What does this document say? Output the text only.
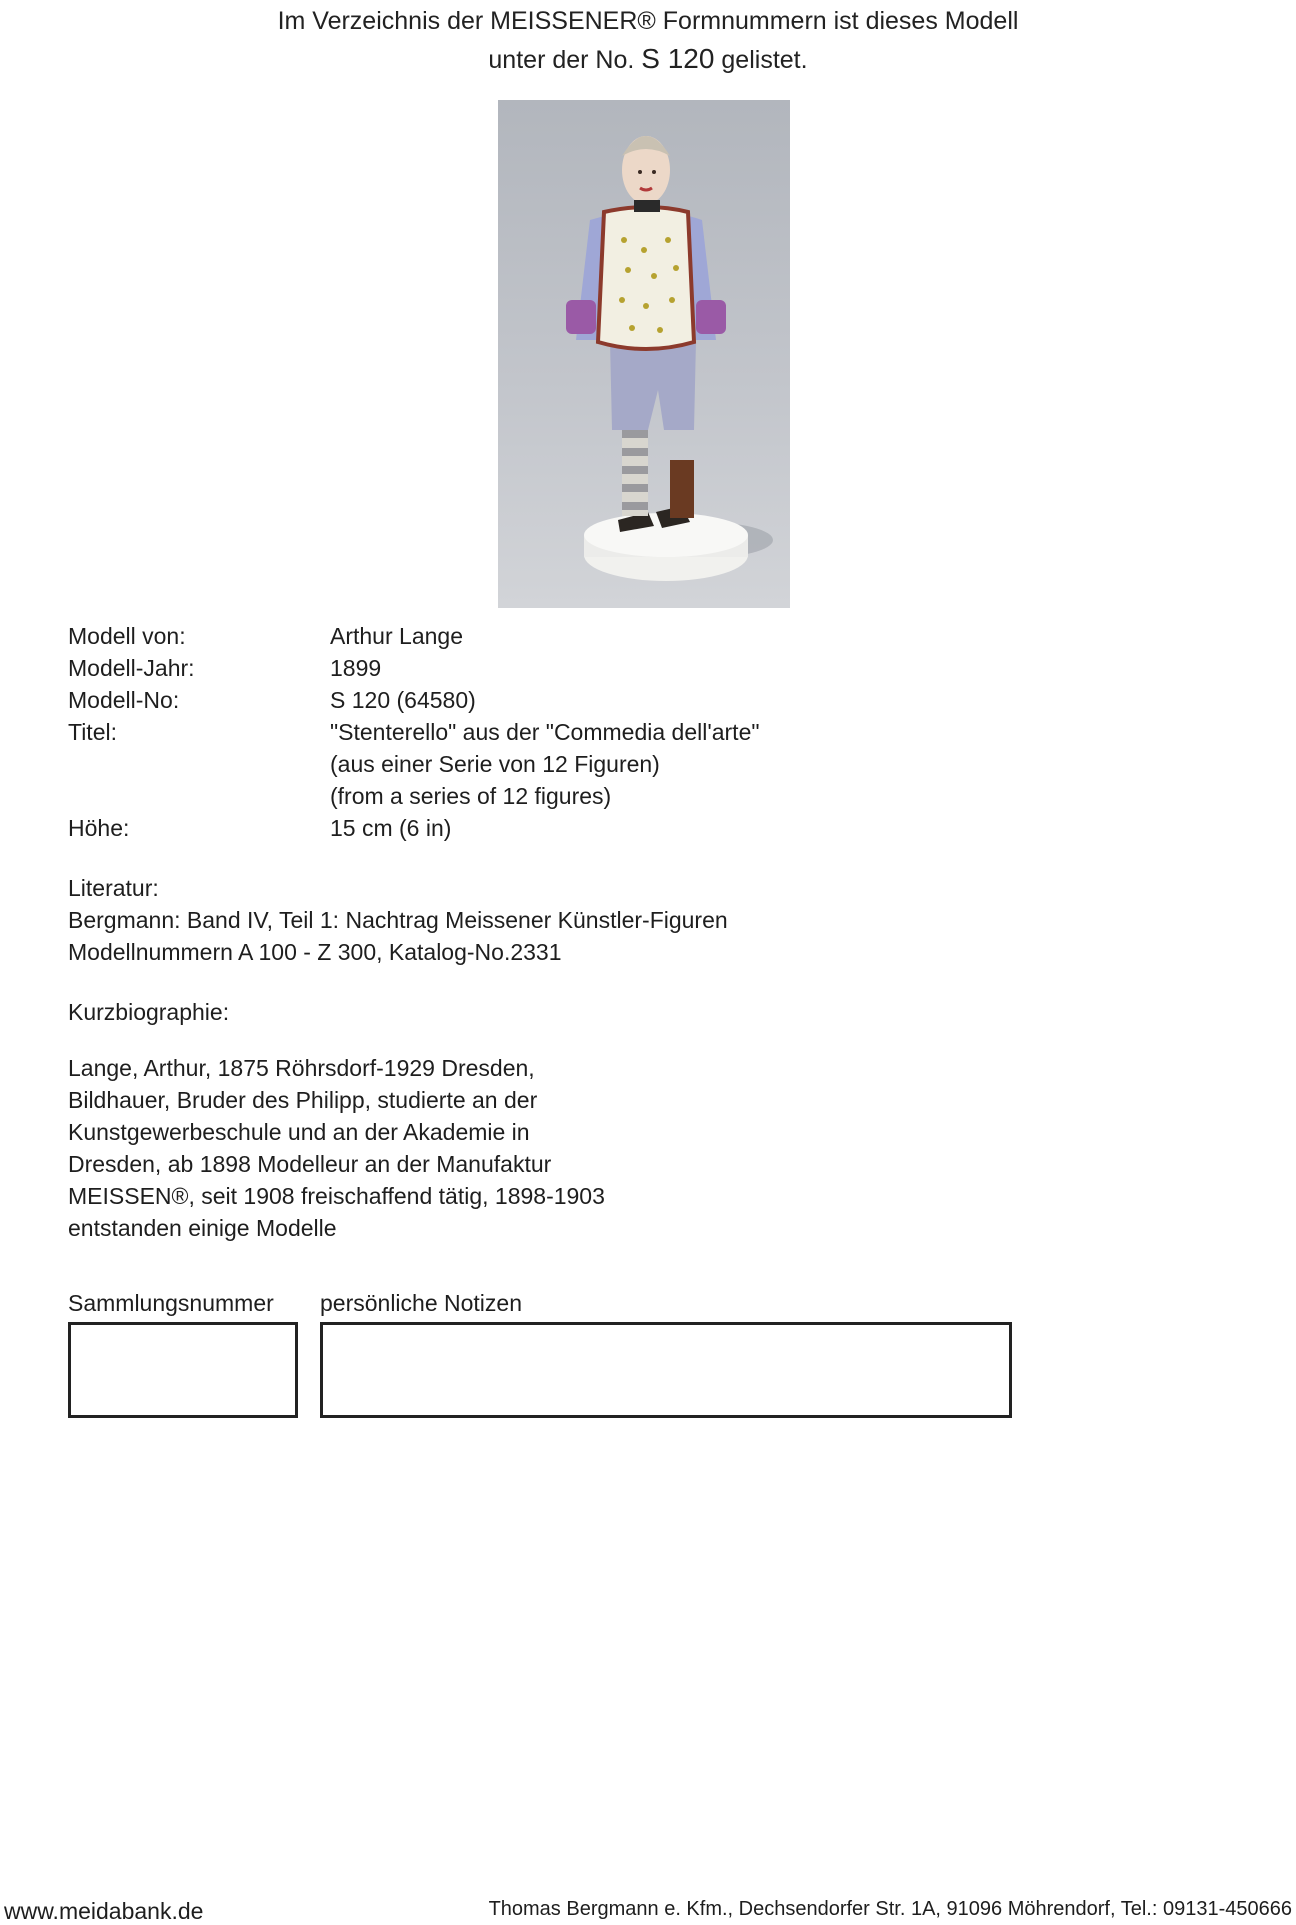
Im Verzeichnis der MEISSENER® Formnummern ist dieses Modell
unter der No. S 120 gelistet.
Modell von:	Arthur Lange
Modell-Jahr:	1899
Modell-No:	S 120 (64580)
Titel:	"Stenterello" aus der "Commedia dell'arte"
(aus einer Serie von 12 Figuren)
(from a series of 12 figures)
Höhe:	15 cm (6 in)
Literatur:
Bergmann: Band IV, Teil 1: Nachtrag Meissener Künstler-Figuren
Modellnummern A 100 - Z 300, Katalog-No.2331
Kurzbiographie:
Lange, Arthur, 1875 Röhrsdorf-1929 Dresden,
Bildhauer, Bruder des Philipp, studierte an der
Kunstgewerbeschule und an der Akademie in
Dresden, ab 1898 Modelleur an der Manufaktur
MEISSEN®, seit 1908 freischaffend tätig, 1898-1903
entstanden einige Modelle
Sammlungsnummer persönliche Notizen
www.meidabank.de	Thomas Bergmann e. Kfm., Dechsendorfer Str. 1A, 91096 Möhrendorf, Tel.: 09131-450666
